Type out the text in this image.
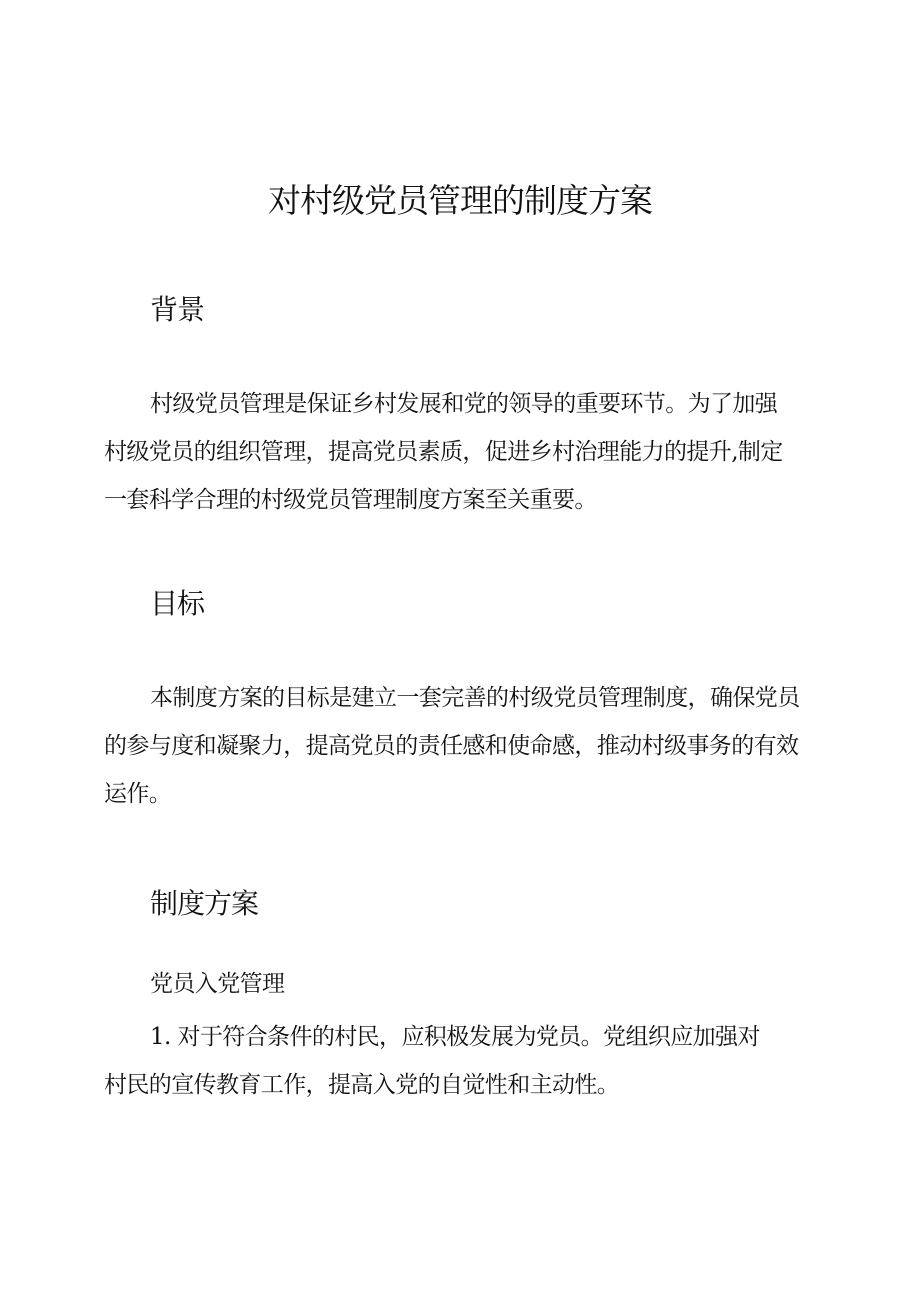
对村级党员管理的制度方案
背景
村级党员管理是保证乡村发展和党的领导的重要环节。为了加强
村级党员的组织管理，提高党员素质，促进乡村治理能力的提升,制定
一套科学合理的村级党员管理制度方案至关重要。
目标
本制度方案的目标是建立一套完善的村级党员管理制度，确保党员
的参与度和凝聚力，提高党员的责任感和使命感，推动村级事务的有效
运作。
制度方案
党员入党管理
1. 对于符合条件的村民，应积极发展为党员。党组织应加强对
村民的宣传教育工作，提高入党的自觉性和主动性。
